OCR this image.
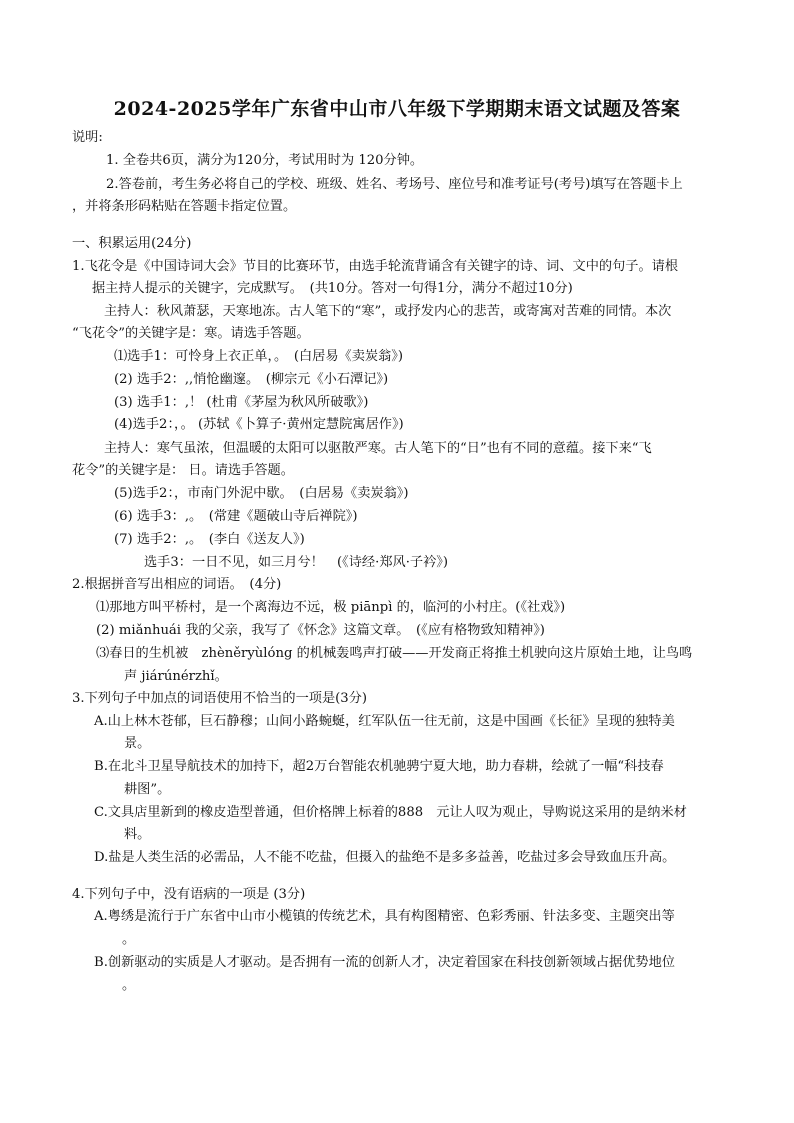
2024-2025学年广东省中山市八年级下学期期末语文试题及答案
说明:
1. 全卷共6页，满分为120分，考试用时为 120分钟。
2.答卷前，考生务必将自己的学校、班级、姓名、考场号、座位号和准考证号(考号)填写在答题卡上
，并将条形码粘贴在答题卡指定位置。
一、积累运用(24分)
1.飞花令是《中国诗词大会》节目的比赛环节，由选手轮流背诵含有关键字的诗、词、文中的句子。请根
据主持人提示的关键字，完成默写。　(共10分。答对一句得1分，满分不超过10分)
主持人：秋风萧瑟，天寒地冻。古人笔下的“寒”，或抒发内心的悲苦，或寄寓对苦难的同情。本次
“飞花令”的关键字是：寒。请选手答题。
⑴选手1：可怜身上衣正单，。　(白居易《卖炭翁》)
(2) 选手2：,,悄怆幽邃。　(柳宗元《小石潭记》)
(3) 选手1：,！ (杜甫《茅屋为秋风所破歌》)
(4)选手2：，。 (苏轼《卜算子·黄州定慧院寓居作》)
主持人：寒气虽浓，但温暖的太阳可以驱散严寒。古人笔下的“日”也有不同的意蕴。接下来“飞
花令”的关键字是： 日。请选手答题。
(5)选手2：，市南门外泥中歇。　(白居易《卖炭翁》)
(6) 选手3：,。　(常建《题破山寺后禅院》)
(7) 选手2：,。　(李白《送友人》)
选手3：一日不见，如三月兮！　(《诗经·郑风·子衿》)
2.根据拼音写出相应的词语。　(4分)
⑴那地方叫平桥村，是一个离海边不远，极 piānpì 的，临河的小村庄。(《社戏》)
(2) miǎnhuái 我的父亲，我写了《怀念》这篇文章。　(《应有格物致知精神》)
⑶春日的生机被　zhèněryùlóng 的机械轰鸣声打破——开发商正将推土机驶向这片原始土地，让鸟鸣
声 jiárúnérzhǐ。
3.下列句子中加点的词语使用不恰当的一项是(3分)
A.山上林木苍郁，巨石静穆；山间小路蜿蜒，红军队伍一往无前，这是中国画《长征》呈现的独特美
景。
B.在北斗卫星导航技术的加持下，超2万台智能农机驰骋宁夏大地，助力春耕，绘就了一幅“科技春
耕图”。
C.文具店里新到的橡皮造型普通，但价格牌上标着的888　元让人叹为观止，导购说这采用的是纳米材
料。
D.盐是人类生活的必需品，人不能不吃盐，但摄入的盐绝不是多多益善，吃盐过多会导致血压升高。
4.下列句子中，没有语病的一项是 (3分)
A.粤绣是流行于广东省中山市小榄镇的传统艺术，具有构图精密、色彩秀丽、针法多变、主题突出等
。
B.创新驱动的实质是人才驱动。是否拥有一流的创新人才，决定着国家在科技创新领域占据优势地位
。
